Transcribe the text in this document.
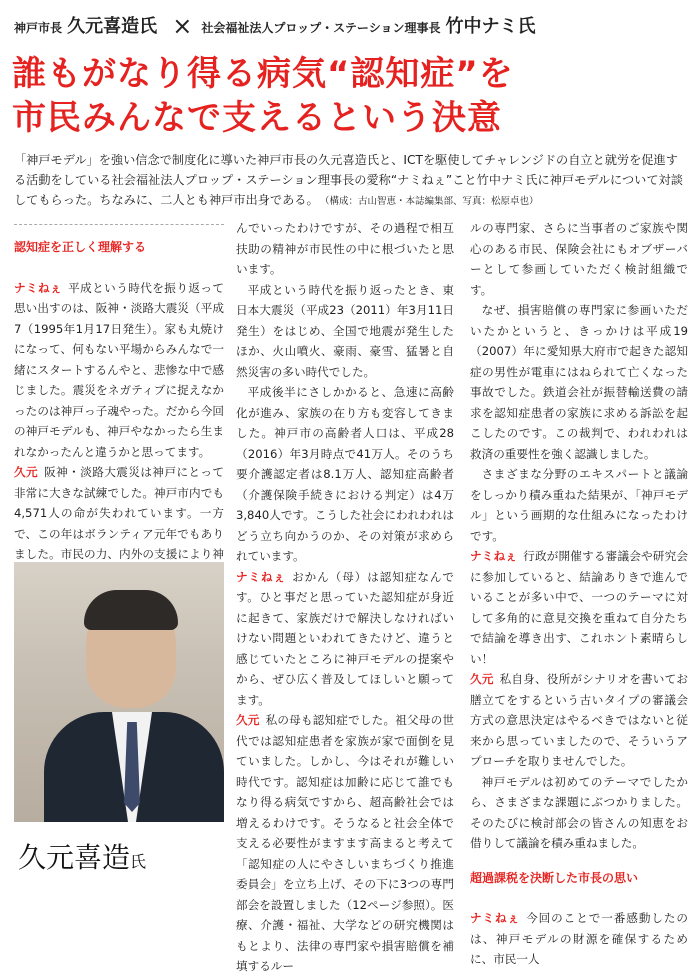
神戸市長 久元喜造氏 × 社会福祉法人プロップ・ステーション理事長 竹中ナミ氏
誰もがなり得る病気“認知症”を
市民みんなで支えるという決意
「神戸モデル」を強い信念で制度化に導いた神戸市長の久元喜造氏と、ICTを駆使してチャレンジドの自立と就労を促進する活動をしている社会福祉法人プロップ・ステーション理事長の愛称“ナミねぇ”こと竹中ナミ氏に神戸モデルについて対談してもらった。ちなみに、二人とも神戸市出身である。 （構成：古山智恵・本誌編集部、写真：松原卓也）
認知症を正しく理解する

ナミねぇ 平成という時代を振り返って思い出すのは、阪神・淡路大震災（平成7（1995年1月17日発生）。家も丸焼けになって、何もない平場からみんなで一緒にスタートするんやと、悲惨な中で感じました。震災をネガティブに捉えなかったのは神戸っ子魂やった。だから今回の神戸モデルも、神戸やなかったら生まれなかったんと違うかと思ってます。

久元 阪神・淡路大震災は神戸にとって非常に大きな試練でした。神戸市内でも4,571人の命が失われています。一方で、この年はボランティア元年でもありました。市民の力、内外の支援により神

久元喜造氏

んでいったわけですが、その過程で相互扶助の精神が市民性の中に根づいたと思います。

平成という時代を振り返ったとき、東日本大震災（平成23（2011）年3月11日発生）をはじめ、全国で地震が発生したほか、火山噴火、豪雨、豪雪、猛暑と自然災害の多い時代でした。

平成後半にさしかかると、急速に高齢化が進み、家族の在り方も変容してきました。神戸市の高齢者人口は、平成28（2016）年3月時点で41万人。そのうち要介護認定者は8.1万人、認知症高齢者（介護保険手続きにおける判定）は4万3,840人です。こうした社会にわれわれはどう立ち向かうのか、その対策が求められています。

ナミねぇ おかん（母）は認知症なんです。ひと事だと思っていた認知症が身近に起きて、家族だけで解決しなければいけない問題といわれてきたけど、違うと感じていたところに神戸モデルの提案やから、ぜひ広く普及してほしいと願ってます。

久元 私の母も認知症でした。祖父母の世代では認知症患者を家族が家で面倒を見ていました。しかし、今はそれが難しい時代です。認知症は加齢に応じて誰でもなり得る病気ですから、超高齢社会では増えるわけです。そうなると社会全体で支える必要性がますます高まると考えて「認知症の人にやさしいまちづくり推進委員会」を立ち上げ、その下に3つの専門部会を設置しました（12ページ参照）。医療、介護・福祉、大学などの研究機関はもとより、法律の専門家や損害賠償を補填するルー

ルの専門家、さらに当事者のご家族や関心のある市民、保険会社にもオブザーバーとして参画していただく検討組織です。

なぜ、損害賠償の専門家に参画いただいたかというと、きっかけは平成19（2007）年に愛知県大府市で起きた認知症の男性が電車にはねられて亡くなった事故でした。鉄道会社が振替輸送費の請求を認知症患者の家族に求める訴訟を起こしたのです。この裁判で、われわれは救済の重要性を強く認識しました。

さまざまな分野のエキスパートと議論をしっかり積み重ねた結果が、「神戸モデル」という画期的な仕組みになったわけです。

ナミねぇ 行政が開催する審議会や研究会に参加していると、結論ありきで進んでいることが多い中で、一つのテーマに対して多角的に意見交換を重ねて自分たちで結論を導き出す、これホント素晴らしい！

久元 私自身、役所がシナリオを書いてお膳立てをするという古いタイプの審議会方式の意思決定はやるべきではないと従来から思っていましたので、そういうアプローチを取りませんでした。

神戸モデルは初めてのテーマでしたから、さまざまな課題にぶつかりました。そのたびに検討部会の皆さんの知恵をお借りして議論を積み重ねました。

超過課税を決断した市長の思い

ナミねぇ 今回のことで一番感動したのは、神戸モデルの財源を確保するために、市民一人
